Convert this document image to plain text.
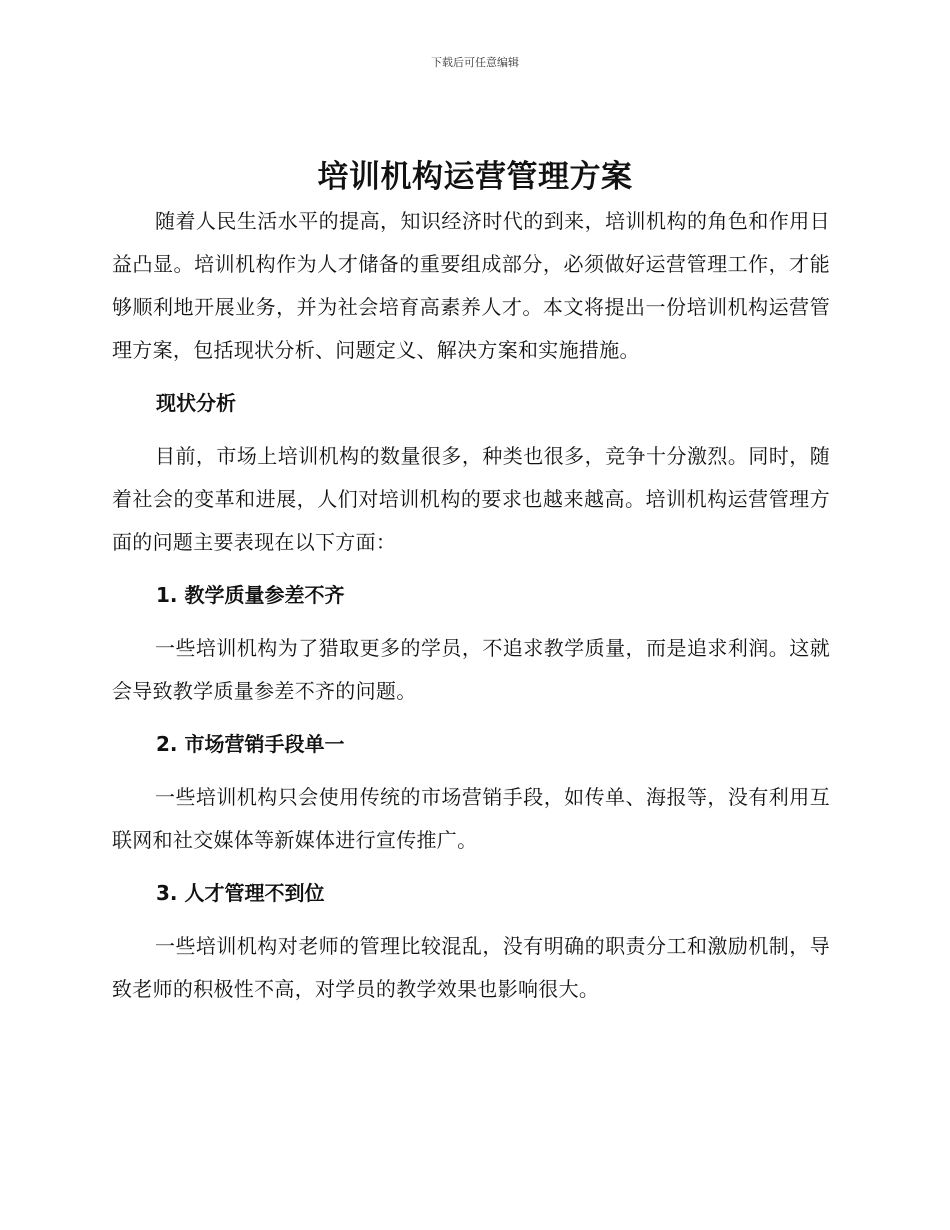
下载后可任意编辑
培训机构运营管理方案

随着人民生活水平的提高，知识经济时代的到来，培训机构的角色和作用日益凸显。培训机构作为人才储备的重要组成部分，必须做好运营管理工作，才能够顺利地开展业务，并为社会培育高素养人才。本文将提出一份培训机构运营管理方案，包括现状分析、问题定义、解决方案和实施措施。

现状分析

目前，市场上培训机构的数量很多，种类也很多，竞争十分激烈。同时，随着社会的变革和进展，人们对培训机构的要求也越来越高。培训机构运营管理方面的问题主要表现在以下方面：

1. 教学质量参差不齐

一些培训机构为了猎取更多的学员，不追求教学质量，而是追求利润。这就会导致教学质量参差不齐的问题。

2. 市场营销手段单一

一些培训机构只会使用传统的市场营销手段，如传单、海报等，没有利用互联网和社交媒体等新媒体进行宣传推广。

3. 人才管理不到位

一些培训机构对老师的管理比较混乱，没有明确的职责分工和激励机制，导致老师的积极性不高，对学员的教学效果也影响很大。
